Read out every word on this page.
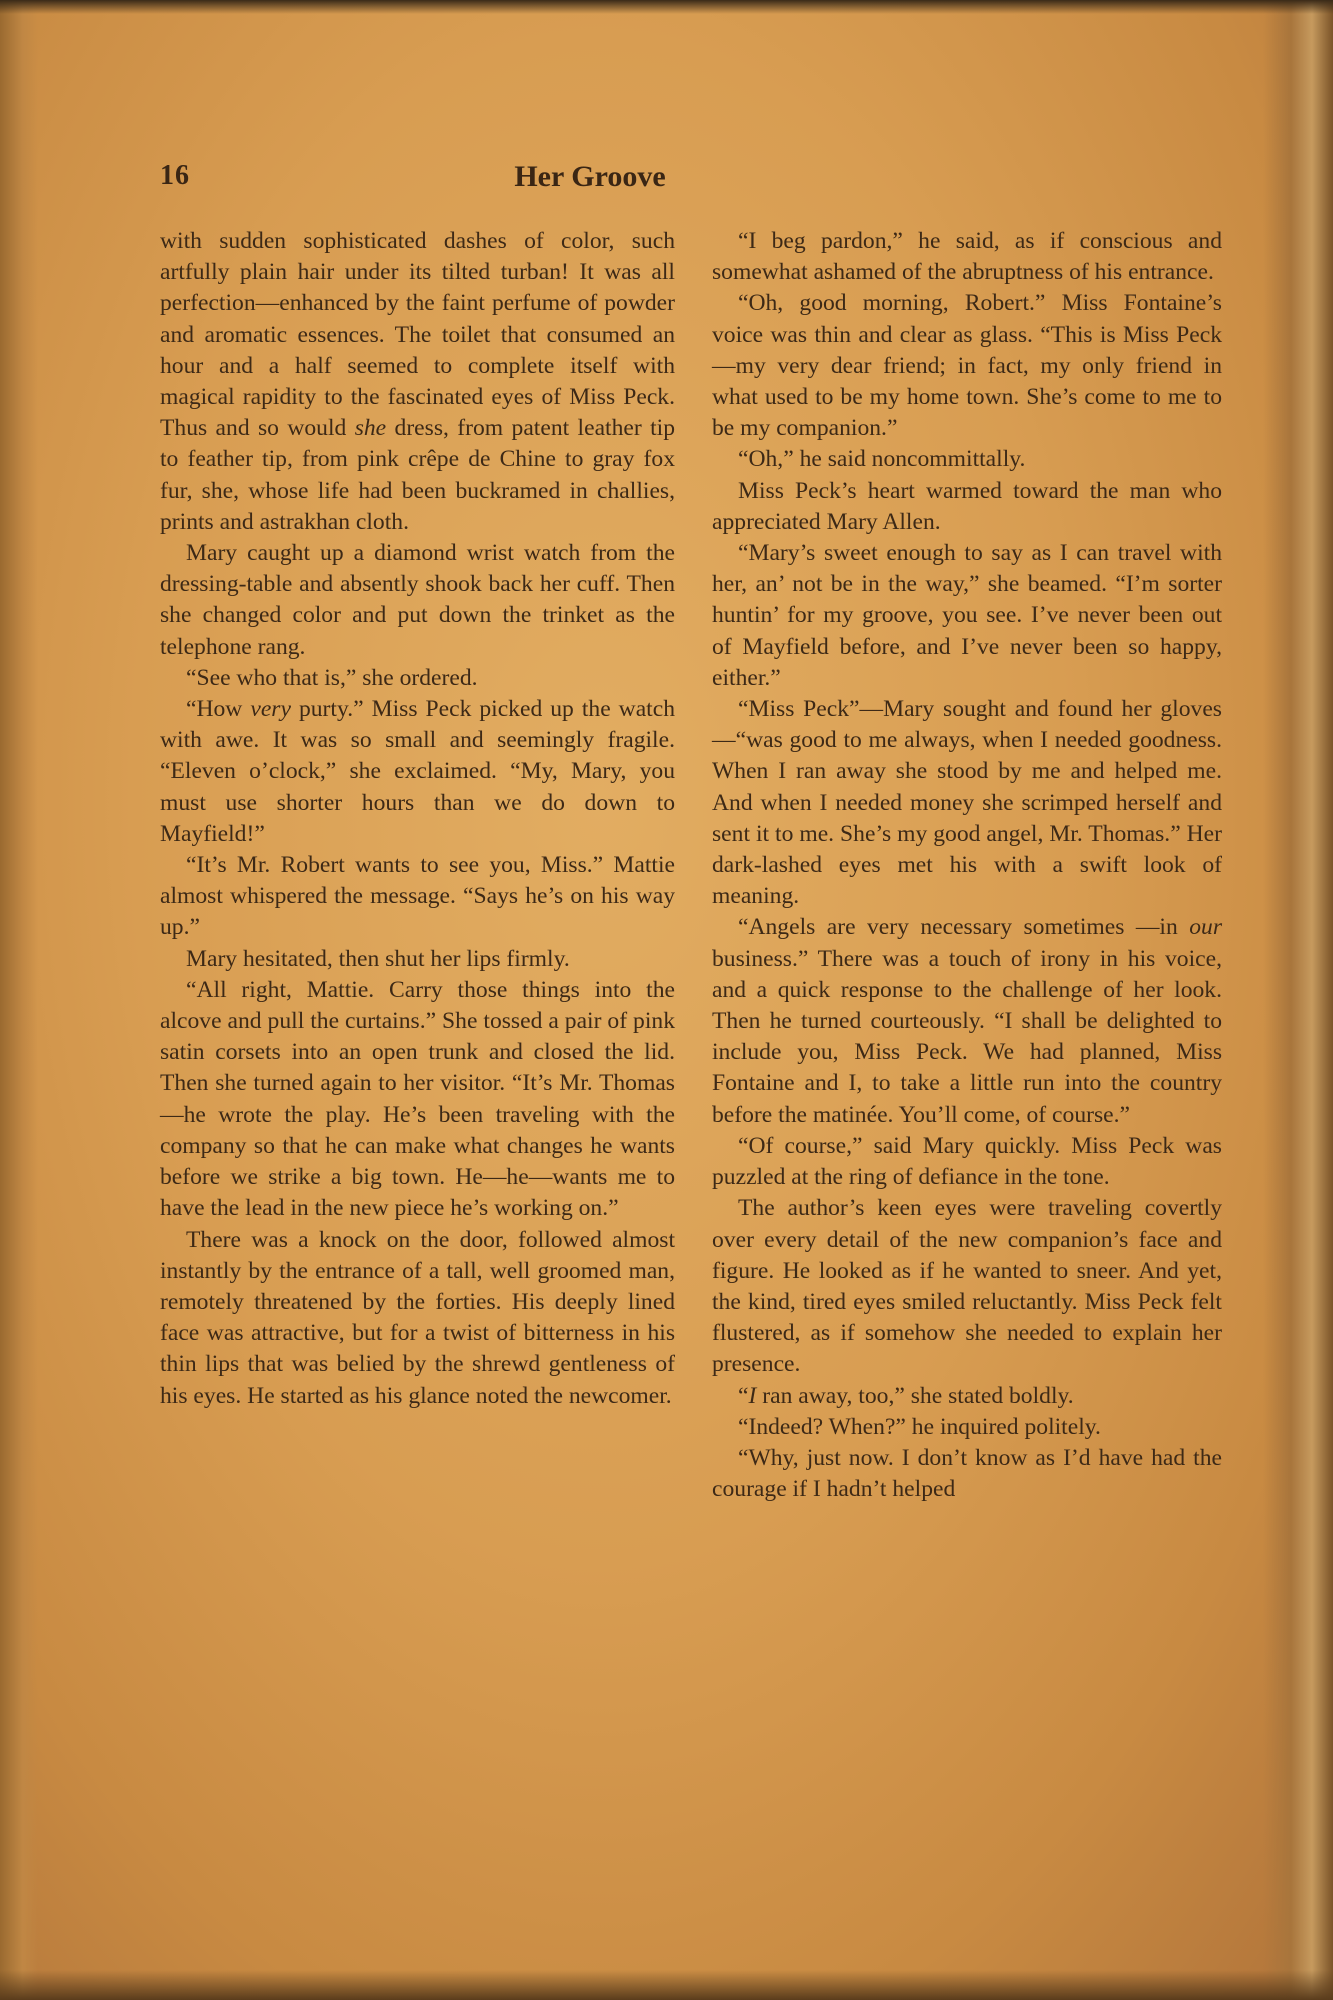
16	Her Groove

with sudden sophisticated dashes of color, such artfully plain hair under its tilted turban! It was all perfection—enhanced by the faint perfume of powder and aromatic essences. The toilet that consumed an hour and a half seemed to complete itself with magical rapidity to the fascinated eyes of Miss Peck. Thus and so would she dress, from patent leather tip to feather tip, from pink crêpe de Chine to gray fox fur, she, whose life had been buckramed in challies, prints and astrakhan cloth.

Mary caught up a diamond wrist watch from the dressing-table and absently shook back her cuff. Then she changed color and put down the trinket as the telephone rang.

“See who that is,” she ordered.

“How very purty.” Miss Peck picked up the watch with awe. It was so small and seemingly fragile. “Eleven o’clock,” she exclaimed. “My, Mary, you must use shorter hours than we do down to Mayfield!”

“It’s Mr. Robert wants to see you, Miss.” Mattie almost whispered the message. “Says he’s on his way up.”

Mary hesitated, then shut her lips firmly.

“All right, Mattie. Carry those things into the alcove and pull the curtains.” She tossed a pair of pink satin corsets into an open trunk and closed the lid. Then she turned again to her visitor. “It’s Mr. Thomas—he wrote the play. He’s been traveling with the company so that he can make what changes he wants before we strike a big town. He—he—wants me to have the lead in the new piece he’s working on.”

There was a knock on the door, followed almost instantly by the entrance of a tall, well groomed man, remotely threatened by the forties. His deeply lined face was attractive, but for a twist of bitterness in his thin lips that was belied by the shrewd gentleness of his eyes. He started as his glance noted the newcomer.

“I beg pardon,” he said, as if conscious and somewhat ashamed of the abruptness of his entrance.

“Oh, good morning, Robert.” Miss Fontaine’s voice was thin and clear as glass. “This is Miss Peck—my very dear friend; in fact, my only friend in what used to be my home town. She’s come to me to be my companion.”

“Oh,” he said noncommittally.

Miss Peck’s heart warmed toward the man who appreciated Mary Allen.

“Mary’s sweet enough to say as I can travel with her, an’ not be in the way,” she beamed. “I’m sorter huntin’ for my groove, you see. I’ve never been out of Mayfield before, and I’ve never been so happy, either.”

“Miss Peck”—Mary sought and found her gloves—“was good to me always, when I needed goodness. When I ran away she stood by me and helped me. And when I needed money she scrimped herself and sent it to me. She’s my good angel, Mr. Thomas.” Her dark-lashed eyes met his with a swift look of meaning.

“Angels are very necessary sometimes —in our business.” There was a touch of irony in his voice, and a quick response to the challenge of her look. Then he turned courteously. “I shall be delighted to include you, Miss Peck. We had planned, Miss Fontaine and I, to take a little run into the country before the matinée. You’ll come, of course.”

“Of course,” said Mary quickly. Miss Peck was puzzled at the ring of defiance in the tone.

The author’s keen eyes were traveling covertly over every detail of the new companion’s face and figure. He looked as if he wanted to sneer. And yet, the kind, tired eyes smiled reluctantly. Miss Peck felt flustered, as if somehow she needed to explain her presence.

“I ran away, too,” she stated boldly.

“Indeed? When?” he inquired politely.

“Why, just now. I don’t know as I’d have had the courage if I hadn’t helped
